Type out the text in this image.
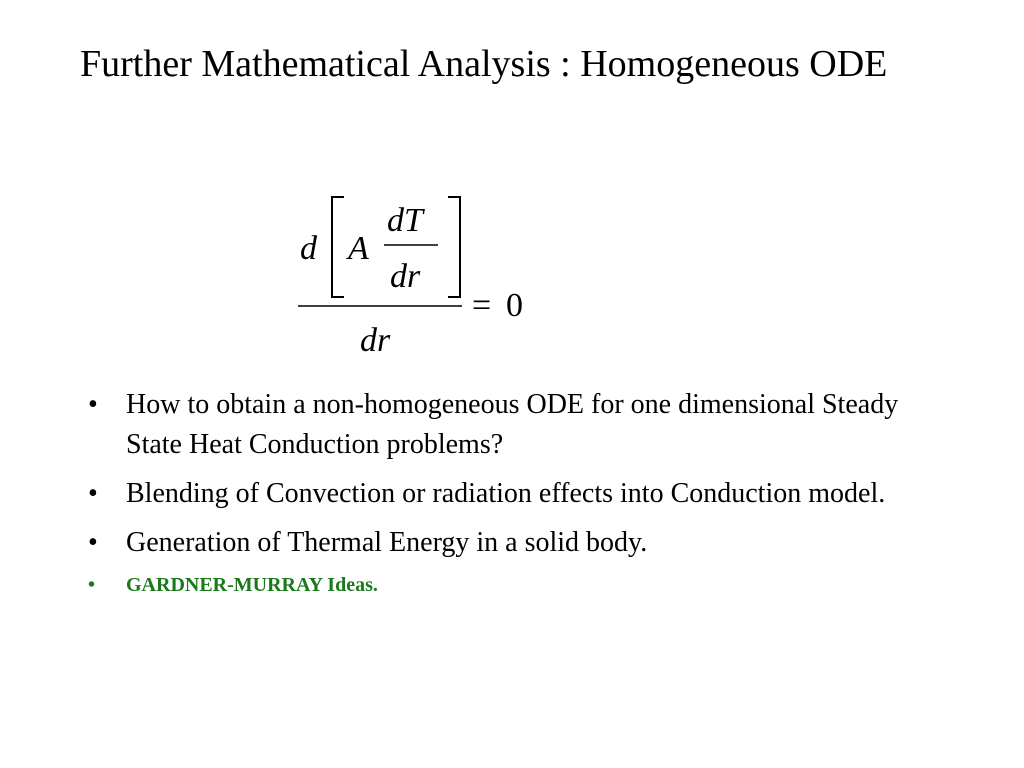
Further Mathematical Analysis : Homogeneous ODE
d A
dT
dr
dr
= 0
• How to obtain a non-homogeneous ODE for one dimensional Steady State Heat Conduction problems?
• Blending of Convection or radiation effects into Conduction model.
• Generation of Thermal Energy in a solid body.
• GARDNER-MURRAY Ideas.
